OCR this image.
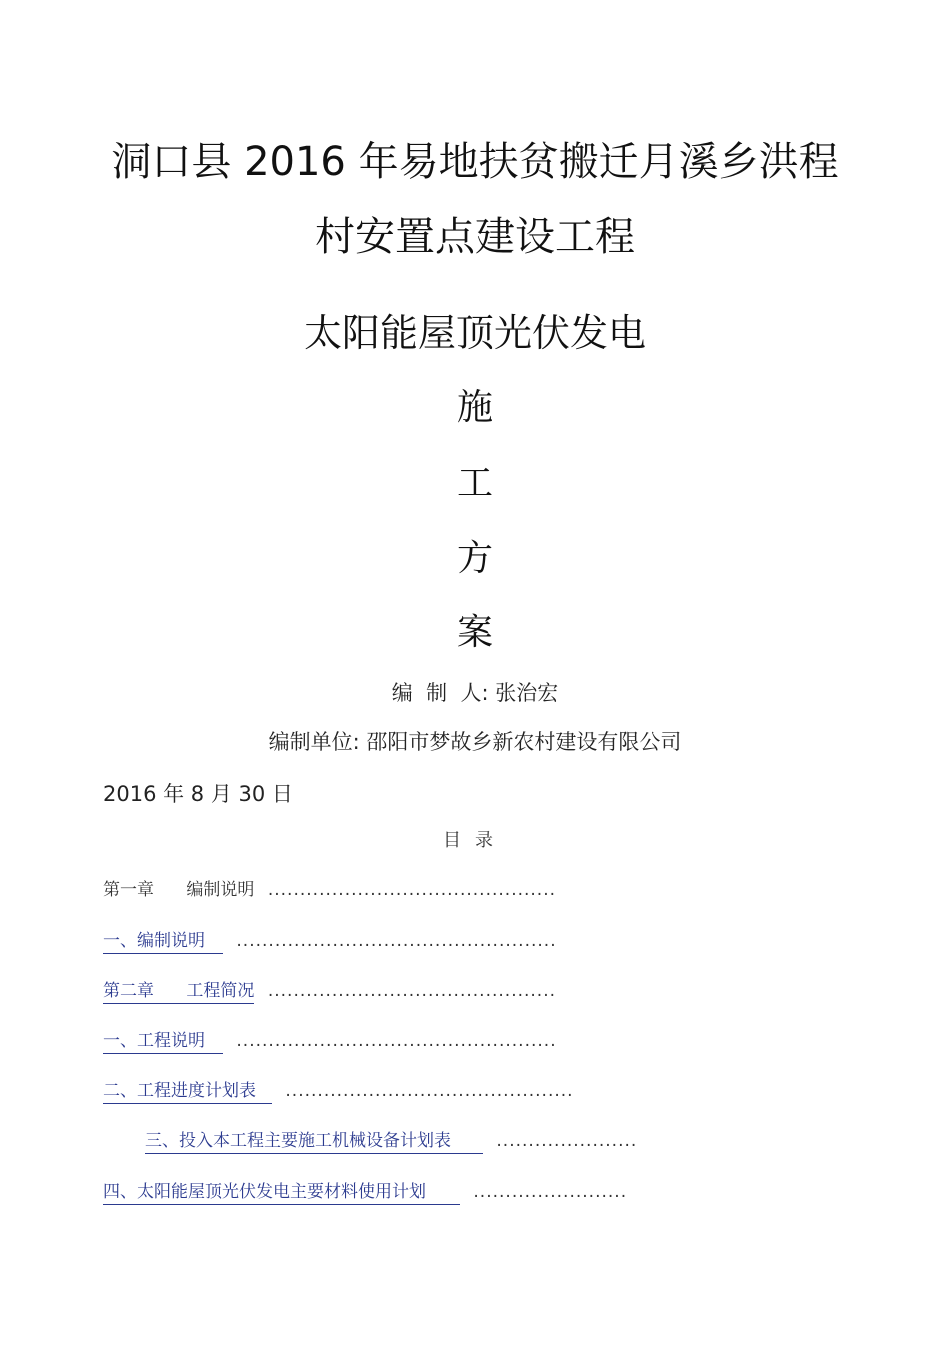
洞口县 2016 年易地扶贫搬迁月溪乡洪程
村安置点建设工程
太阳能屋顶光伏发电
施
工
方
案
编  制  人: 张治宏
编制单位: 邵阳市梦故乡新农村建设有限公司
2016 年 8 月 30 日
目录
第一章      编制说明 .............................................
一、编制说明 ..................................................
第二章      工程简况 .............................................
一、工程说明 ..................................................
二、工程进度计划表 .............................................
三、投入本工程主要施工机械设备计划表	......................
四、太阳能屋顶光伏发电主要材料使用计划	........................
